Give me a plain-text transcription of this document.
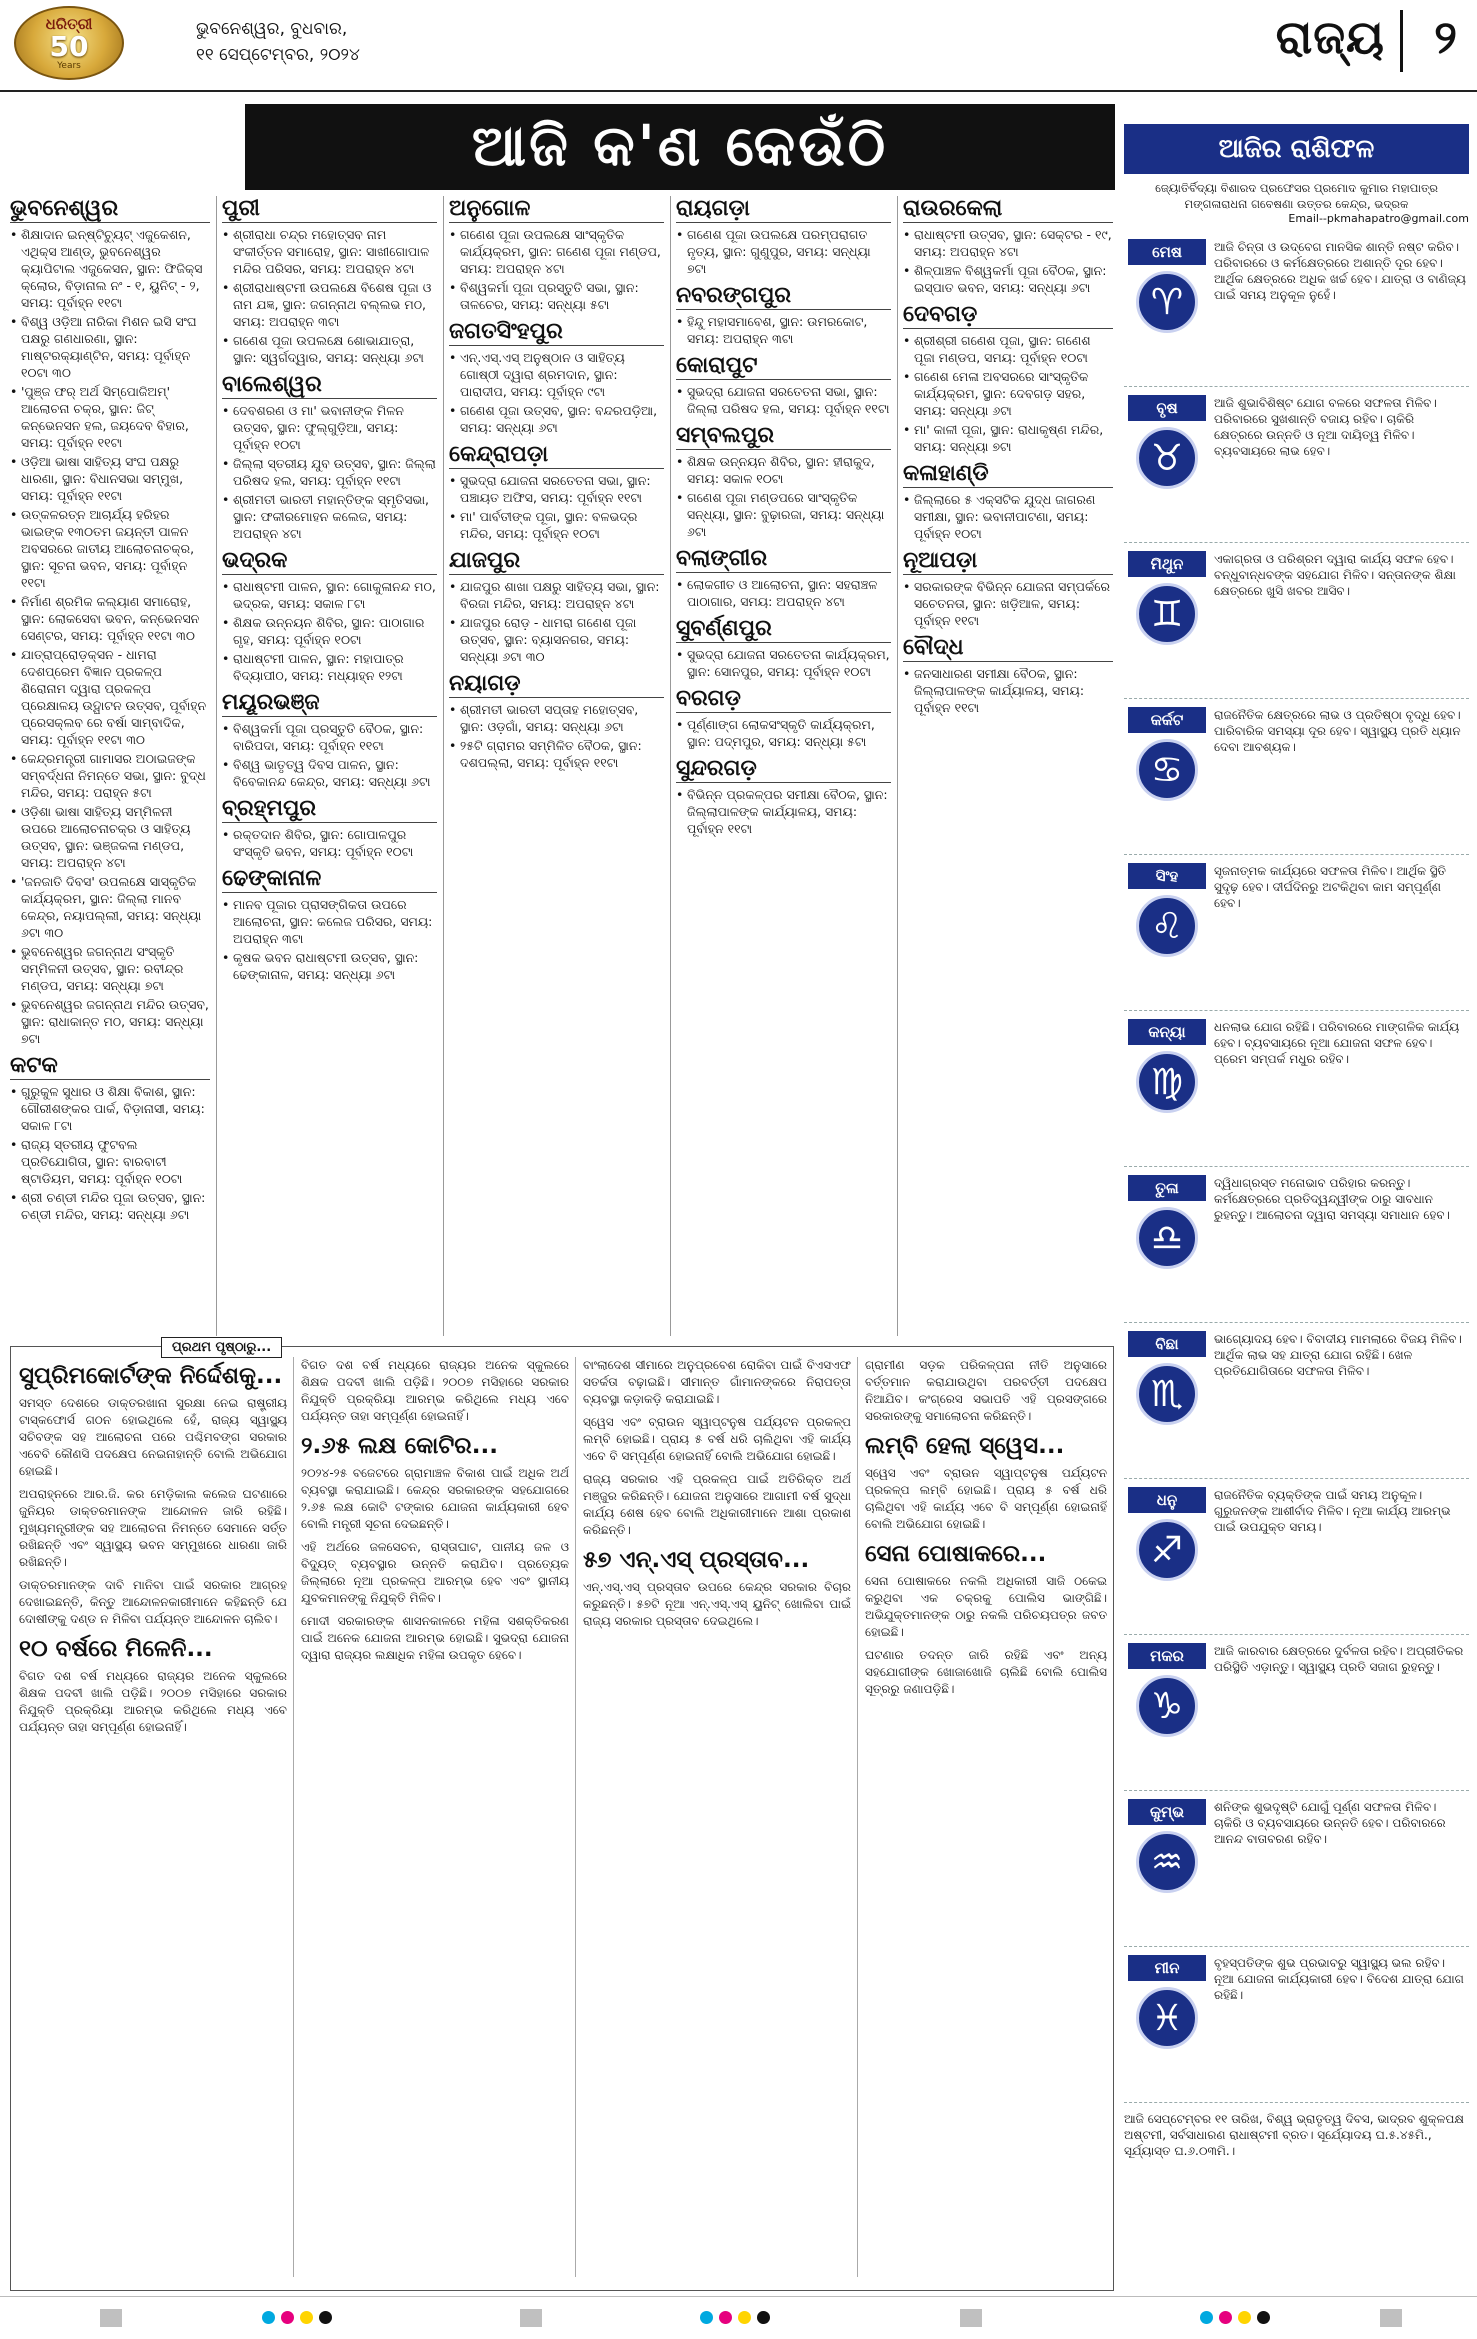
ଧରିତ୍ରୀ
50
Years
ଭୁବନେଶ୍ୱର, ବୁଧବାର,
୧୧ ସେପ୍ଟେମ୍ବର, ୨୦୨୪	ରାଜ୍ୟ ୨
ଆଜି କ'ଣ କେଉଁଠି
ଭୁବନେଶ୍ୱର
• ଶିକ୍ଷାଦାନ ଇନ୍ଷ୍ଟିଚ୍ୟୁଟ୍ ଏଜୁକେଶନ, ଏଥିକ୍ସ ଆଣ୍ଡ୍, ଭୁବନେଶ୍ୱର କ୍ୟାପିଟାଲ ଏଜୁକେସନ, ସ୍ଥାନ: ଫିଜିକ୍ସ କ୍ଲୋର, ବିଡ଼ାନାଲ ନଂ - ୧, ୟୁନିଟ୍ - ୨, ସମୟ: ପୂର୍ବାହ୍ନ ୧୧ଟା
• ବିଶ୍ୱ ଓଡ଼ିଆ ନାରିକା ମିଶନ ଇସି ସଂଘ ପକ୍ଷରୁ ଗଣଧାରଣା, ସ୍ଥାନ: ମାଷ୍ଟରକ୍ୟାଣ୍ଟିନ, ସମୟ: ପୂର୍ବାହ୍ନ ୧୦ଟା ୩୦
• 'ପୁଞ୍ଜ ଫର୍ ଅର୍ଥ ସିମ୍ପୋଜିଅମ୍' ଆଲୋଚନା ଚକ୍ର, ସ୍ଥାନ: ଜିଟ୍ କନ୍ଭେନସନ ହଲ, ଜୟଦେବ ବିହାର, ସମୟ: ପୂର୍ବାହ୍ନ ୧୧ଟା
• ଓଡ଼ିଆ ଭାଷା ସାହିତ୍ୟ ସଂଘ ପକ୍ଷରୁ ଧାରଣା, ସ୍ଥାନ: ବିଧାନସଭା ସମ୍ମୁଖ, ସମୟ: ପୂର୍ବାହ୍ନ ୧୧ଟା
• ଉତ୍କଳରତ୍ନ ଆଚାର୍ଯ୍ୟ ହରିହର ଭାଇଙ୍କ ୧୩୦ତମ ଜୟନ୍ତୀ ପାଳନ ଅବସରରେ ଜାତୀୟ ଆଲୋଚନାଚକ୍ର, ସ୍ଥାନ: ସୂଚନା ଭବନ, ସମୟ: ପୂର୍ବାହ୍ନ ୧୧ଟା
• ନିର୍ମାଣ ଶ୍ରମିକ କଲ୍ୟାଣ ସମାରୋହ, ସ୍ଥାନ: ଲୋକସେବା ଭବନ, କନ୍ଭେନସନ ସେଣ୍ଟର, ସମୟ: ପୂର୍ବାହ୍ନ ୧୧ଟା ୩୦
• ଯାତ୍ରାପ୍ରୋଡ଼କ୍ସନ - ଧାମରା ଦେଶପ୍ରେମ ବିଜ୍ଞାନ ପ୍ରକଳ୍ପ ଶିରୋନାମ ଦ୍ୱାରା ପ୍ରକଳ୍ପ ପ୍ରେକ୍ଷାଳୟ ଉଦ୍ଘାଟନ ଉତ୍ସବ, ପୂର୍ବାହ୍ନ ପ୍ରେସକ୍ଲବ ରେ ବର୍ଷା ସାମ୍ବାଦିକ, ସମୟ: ପୂର୍ବାହ୍ନ ୧୧ଟା ୩୦
• କେନ୍ଦ୍ରମନ୍ତ୍ରୀ ଗାମାସର ଅଠାଇଜଙ୍କ ସମ୍ବର୍ଦ୍ଧନା ନିମନ୍ତେ ସଭା, ସ୍ଥାନ: ବୁଦ୍ଧ ମନ୍ଦିର, ସମୟ: ପରାହ୍ନ ୫ଟା
• ଓଡ଼ିଶା ଭାଷା ସାହିତ୍ୟ ସମ୍ମିଳନୀ ଉପରେ ଆଲୋଚନାଚକ୍ର ଓ ସାହିତ୍ୟ ଉତ୍ସବ, ସ୍ଥାନ: ଭଞ୍ଜକଳା ମଣ୍ଡପ, ସମୟ: ଅପରାହ୍ନ ୪ଟା
• 'ଜନଜାତି ଦିବସ' ଉପଲକ୍ଷେ ସାସ୍କୃତିକ କାର୍ଯ୍ୟକ୍ରମ, ସ୍ଥାନ: ଜିଲ୍ଲା ମାନବ କେନ୍ଦ୍ର, ନୟାପଲ୍ଲୀ, ସମୟ: ସନ୍ଧ୍ୟା ୬ଟା ୩୦
• ଭୁବନେଶ୍ୱର ଜଗନ୍ନାଥ ସଂସ୍କୃତି ସମ୍ମିଳନୀ ଉତ୍ସବ, ସ୍ଥାନ: ରବୀନ୍ଦ୍ର ମଣ୍ଡପ, ସମୟ: ସନ୍ଧ୍ୟା ୭ଟା
• ଭୁବନେଶ୍ୱର ଜଗନ୍ନାଥ ମନ୍ଦିର ଉତ୍ସବ, ସ୍ଥାନ: ରାଧାକାନ୍ତ ମଠ, ସମୟ: ସନ୍ଧ୍ୟା ୭ଟା
କଟକ
• ଗୁରୁକୁଳ ସୁଧାର ଓ ଶିକ୍ଷା ବିକାଶ, ସ୍ଥାନ: ଗୌରୀଶଙ୍କର ପାର୍କ, ବିଡ଼ାନାସୀ, ସମୟ: ସକାଳ ୮ଟା
• ରାଜ୍ୟ ସ୍ତରୀୟ ଫୁଟବଲ ପ୍ରତିଯୋଗିତା, ସ୍ଥାନ: ବାରବାଟୀ ଷ୍ଟାଡିୟମ, ସମୟ: ପୂର୍ବାହ୍ନ ୧୦ଟା
• ଶ୍ରୀ ଚଣ୍ଡୀ ମନ୍ଦିର ପୂଜା ଉତ୍ସବ, ସ୍ଥାନ: ଚଣ୍ଡୀ ମନ୍ଦିର, ସମୟ: ସନ୍ଧ୍ୟା ୬ଟା
ପୁରୀ
• ଶ୍ରୀରାଧା ଚନ୍ଦ୍ର ମହୋତ୍ସବ ନାମ ସଂକୀର୍ତ୍ତନ ସମାରୋହ, ସ୍ଥାନ: ସାଖୀଗୋପାଳ ମନ୍ଦିର ପରିସର, ସମୟ: ଅପରାହ୍ନ ୪ଟା
• ଶ୍ରୀରାଧାଷ୍ଟମୀ ଉପଲକ୍ଷେ ବିଶେଷ ପୂଜା ଓ ନାମ ଯଜ୍ଞ, ସ୍ଥାନ: ଜଗନ୍ନାଥ ବଲ୍ଲଭ ମଠ, ସମୟ: ଅପରାହ୍ନ ୩ଟା
• ଗଣେଶ ପୂଜା ଉପଲକ୍ଷେ ଶୋଭାଯାତ୍ରା, ସ୍ଥାନ: ସ୍ୱର୍ଗଦ୍ୱାର, ସମୟ: ସନ୍ଧ୍ୟା ୬ଟା
ବାଲେଶ୍ୱର
• ଦେବଶରଣ ଓ ମା' ଭବାନୀଙ୍କ ମିଳନ ଉତ୍ସବ, ସ୍ଥାନ: ଫୁଲ୍ଗୁଡ଼ିଆ, ସମୟ: ପୂର୍ବାହ୍ନ ୧୦ଟା
• ଜିଲ୍ଲା ସ୍ତରୀୟ ଯୁବ ଉତ୍ସବ, ସ୍ଥାନ: ଜିଲ୍ଲା ପରିଷଦ ହଲ, ସମୟ: ପୂର୍ବାହ୍ନ ୧୧ଟା
• ଶ୍ରୀମତୀ ଭାରତୀ ମହାନ୍ତିଙ୍କ ସ୍ମୃତିସଭା, ସ୍ଥାନ: ଫକୀରମୋହନ କଲେଜ, ସମୟ: ଅପରାହ୍ନ ୪ଟା
ଭଦ୍ରକ
• ରାଧାଷ୍ଟମୀ ପାଳନ, ସ୍ଥାନ: ଗୋକୁଳାନନ୍ଦ ମଠ, ଭଦ୍ରକ, ସମୟ: ସକାଳ ୮ଟା
• ଶିକ୍ଷକ ଉନ୍ନୟନ ଶିବିର, ସ୍ଥାନ: ପାଠାଗାର ଗୃହ, ସମୟ: ପୂର୍ବାହ୍ନ ୧୦ଟା
• ରାଧାଷ୍ଟମୀ ପାଳନ, ସ୍ଥାନ: ମହାପାତ୍ର ବିଦ୍ୟାପୀଠ, ସମୟ: ମଧ୍ୟାହ୍ନ ୧୨ଟା
ମୟୂରଭଞ୍ଜ
• ବିଶ୍ୱକର୍ମା ପୂଜା ପ୍ରସ୍ତୁତି ବୈଠକ, ସ୍ଥାନ: ବାରିପଦା, ସମୟ: ପୂର୍ବାହ୍ନ ୧୧ଟା
• ବିଶ୍ୱ ଭାତୃତ୍ୱ ଦିବସ ପାଳନ, ସ୍ଥାନ: ବିବେକାନନ୍ଦ କେନ୍ଦ୍ର, ସମୟ: ସନ୍ଧ୍ୟା ୬ଟା
ବ୍ରହ୍ମପୁର
• ରକ୍ତଦାନ ଶିବିର, ସ୍ଥାନ: ଗୋପାଳପୁର ସଂସ୍କୃତି ଭବନ, ସମୟ: ପୂର୍ବାହ୍ନ ୧୦ଟା
ଢେଙ୍କାନାଳ
• ମାନବ ପୂଜାର ପ୍ରାସଙ୍ଗିକତା ଉପରେ ଆଲୋଚନା, ସ୍ଥାନ: କଲେଜ ପରିସର, ସମୟ: ଅପରାହ୍ନ ୩ଟା
• କୃଷକ ଭବନ ରାଧାଷ୍ଟମୀ ଉତ୍ସବ, ସ୍ଥାନ: ଢେଙ୍କାନାଳ, ସମୟ: ସନ୍ଧ୍ୟା ୬ଟା
ଅନୁଗୋଳ
• ଗଣେଶ ପୂଜା ଉପଲକ୍ଷେ ସାଂସ୍କୃତିକ କାର୍ଯ୍ୟକ୍ରମ, ସ୍ଥାନ: ଗଣେଶ ପୂଜା ମଣ୍ଡପ, ସମୟ: ଅପରାହ୍ନ ୪ଟା
• ବିଶ୍ୱକର୍ମା ପୂଜା ପ୍ରସ୍ତୁତି ସଭା, ସ୍ଥାନ: ତାଳଚେର, ସମୟ: ସନ୍ଧ୍ୟା ୫ଟା
ଜଗତସିଂହପୁର
• ଏନ୍.ଏସ୍.ଏସ୍ ଅନୁଷ୍ଠାନ ଓ ସାହିତ୍ୟ ଗୋଷ୍ଠୀ ଦ୍ୱାରା ଶ୍ରମଦାନ, ସ୍ଥାନ: ପାରାଦୀପ, ସମୟ: ପୂର୍ବାହ୍ନ ୯ଟା
• ଗଣେଶ ପୂଜା ଉତ୍ସବ, ସ୍ଥାନ: ବନ୍ଦରପଡ଼ିଆ, ସମୟ: ସନ୍ଧ୍ୟା ୬ଟା
କେନ୍ଦ୍ରାପଡ଼ା
• ସୁଭଦ୍ରା ଯୋଜନା ସରତେତନା ସଭା, ସ୍ଥାନ: ପଞ୍ଚାୟତ ଅଫିସ, ସମୟ: ପୂର୍ବାହ୍ନ ୧୧ଟା
• ମା' ପାର୍ବତୀଙ୍କ ପୂଜା, ସ୍ଥାନ: ବଳଭଦ୍ର ମନ୍ଦିର, ସମୟ: ପୂର୍ବାହ୍ନ ୧୦ଟା
ଯାଜପୁର
• ଯାଜପୁର ଶାଖା ପକ୍ଷରୁ ସାହିତ୍ୟ ସଭା, ସ୍ଥାନ: ବିରଜା ମନ୍ଦିର, ସମୟ: ଅପରାହ୍ନ ୪ଟା
• ଯାଜପୁର ରୋଡ଼ - ଧାମରା ଗଣେଶ ପୂଜା ଉତ୍ସବ, ସ୍ଥାନ: ବ୍ୟାସନଗର, ସମୟ: ସନ୍ଧ୍ୟା ୬ଟା ୩୦
ନୟାଗଡ଼
• ଶ୍ରୀମତୀ ଭାରତୀ ସପ୍ତାହ ମହୋତ୍ସବ, ସ୍ଥାନ: ଓଡ଼ଗାଁ, ସମୟ: ସନ୍ଧ୍ୟା ୬ଟା
• ୨୫ଟି ଗ୍ରାମର ସମ୍ମିଳିତ ବୈଠକ, ସ୍ଥାନ: ଦଶପଲ୍ଲା, ସମୟ: ପୂର୍ବାହ୍ନ ୧୧ଟା
ରାୟଗଡ଼ା
• ଗଣେଶ ପୂଜା ଉପଲକ୍ଷେ ପରମ୍ପରାଗତ ନୃତ୍ୟ, ସ୍ଥାନ: ଗୁଣୁପୁର, ସମୟ: ସନ୍ଧ୍ୟା ୭ଟା
ନବରଙ୍ଗପୁର
• ହିନ୍ଦୁ ମହାସମାବେଶ, ସ୍ଥାନ: ଉମରକୋଟ, ସମୟ: ଅପରାହ୍ନ ୩ଟା
କୋରାପୁଟ
• ସୁଭଦ୍ରା ଯୋଜନା ସରତେତନା ସଭା, ସ୍ଥାନ: ଜିଲ୍ଲା ପରିଷଦ ହଲ, ସମୟ: ପୂର୍ବାହ୍ନ ୧୧ଟା
ସମ୍ବଲପୁର
• ଶିକ୍ଷକ ଉନ୍ନୟନ ଶିବିର, ସ୍ଥାନ: ହୀରାକୁଦ, ସମୟ: ସକାଳ ୧୦ଟା
• ଗଣେଶ ପୂଜା ମଣ୍ଡପରେ ସାଂସ୍କୃତିକ ସନ୍ଧ୍ୟା, ସ୍ଥାନ: ବୁଢ଼ାରଜା, ସମୟ: ସନ୍ଧ୍ୟା ୬ଟା
ବଲାଙ୍ଗୀର
• ଲୋକଗୀତ ଓ ଆଲୋଚନା, ସ୍ଥାନ: ସହରାଞ୍ଚଳ ପାଠାଗାର, ସମୟ: ଅପରାହ୍ନ ୪ଟା
ସୁବର୍ଣ୍ଣପୁର
• ସୁଭଦ୍ରା ଯୋଜନା ସରତେତନା କାର୍ଯ୍ୟକ୍ରମ, ସ୍ଥାନ: ସୋନପୁର, ସମୟ: ପୂର୍ବାହ୍ନ ୧୦ଟା
ବରଗଡ଼
• ପୂର୍ଣ୍ଣାଙ୍ଗ ଲୋକସଂସ୍କୃତି କାର୍ଯ୍ୟକ୍ରମ, ସ୍ଥାନ: ପଦ୍ମପୁର, ସମୟ: ସନ୍ଧ୍ୟା ୫ଟା
ସୁନ୍ଦରଗଡ଼
• ବିଭିନ୍ନ ପ୍ରକଳ୍ପର ସମୀକ୍ଷା ବୈଠକ, ସ୍ଥାନ: ଜିଲ୍ଲାପାଳଙ୍କ କାର୍ଯ୍ୟାଳୟ, ସମୟ: ପୂର୍ବାହ୍ନ ୧୧ଟା
ରାଉରକେଲା
• ରାଧାଷ୍ଟମୀ ଉତ୍ସବ, ସ୍ଥାନ: ସେକ୍ଟର - ୧୯, ସମୟ: ଅପରାହ୍ନ ୪ଟା
• ଶିଳ୍ପାଞ୍ଚଳ ବିଶ୍ୱକର୍ମା ପୂଜା ବୈଠକ, ସ୍ଥାନ: ଇସ୍ପାତ ଭବନ, ସମୟ: ସନ୍ଧ୍ୟା ୬ଟା
ଦେବଗଡ଼
• ଶ୍ରୀଶ୍ରୀ ଗଣେଶ ପୂଜା, ସ୍ଥାନ: ଗଣେଶ ପୂଜା ମଣ୍ଡପ, ସମୟ: ପୂର୍ବାହ୍ନ ୧୦ଟା
• ଗଣେଶ ମେଳା ଅବସରରେ ସାଂସ୍କୃତିକ କାର୍ଯ୍ୟକ୍ରମ, ସ୍ଥାନ: ଦେବଗଡ଼ ସହର, ସମୟ: ସନ୍ଧ୍ୟା ୬ଟା
• ମା' କାଳୀ ପୂଜା, ସ୍ଥାନ: ରାଧାକୃଷ୍ଣ ମନ୍ଦିର, ସମୟ: ସନ୍ଧ୍ୟା ୭ଟା
କଳାହାଣ୍ଡି
• ଜିଲ୍ଲାରେ ୫ ଏକ୍ସଟିକ ଯୁଦ୍ଧ ଜାଗରଣ ସମୀକ୍ଷା, ସ୍ଥାନ: ଭବାନୀପାଟଣା, ସମୟ: ପୂର୍ବାହ୍ନ ୧୦ଟା
ନୂଆପଡ଼ା
• ସରକାରଙ୍କ ବିଭିନ୍ନ ଯୋଜନା ସମ୍ପର୍କରେ ସଚେତନତା, ସ୍ଥାନ: ଖଡ଼ିଆଳ, ସମୟ: ପୂର୍ବାହ୍ନ ୧୧ଟା
ବୌଦ୍ଧ
• ଜନସାଧାରଣ ସମୀକ୍ଷା ବୈଠକ, ସ୍ଥାନ: ଜିଲ୍ଲାପାଳଙ୍କ କାର୍ଯ୍ୟାଳୟ, ସମୟ: ପୂର୍ବାହ୍ନ ୧୧ଟା
ଆଜିର ରାଶିଫଳ
ଜ୍ୟୋତିର୍ବିଦ୍ୟା ବିଶାରଦ ପ୍ରଫେସର ପ୍ରମୋଦ କୁମାର ମହାପାତ୍ର
ମଙ୍ଗଳାରାଧନା ଗବେଷଣା ଉତ୍ତର କେନ୍ଦ୍ର, ଭଦ୍ରକ
Email--pkmahapatro@gmail.com
ମେଷ
♈
ଆଜି ଚିନ୍ତା ଓ ଉଦ୍ବେଗ ମାନସିକ ଶାନ୍ତି ନଷ୍ଟ କରିବ। ପରିବାରରେ ଓ କର୍ମକ୍ଷେତ୍ରରେ ଅଶାନ୍ତି ଦୂର ହେବ। ଆର୍ଥିକ କ୍ଷେତ୍ରରେ ଅଧିକ ଖର୍ଚ୍ଚ ହେବ। ଯାତ୍ରା ଓ ବାଣିଜ୍ୟ ପାଇଁ ସମୟ ଅନୁକୂଳ ନୁହେଁ।
ବୃଷ
♉
ଆଜି ଶୁଭାବିଶିଷ୍ଟ ଯୋଗ ବଳରେ ସଫଳତା ମିଳିବ। ପରିବାରରେ ସୁଖଶାନ୍ତି ବଜାୟ ରହିବ। ଚାକିରି କ୍ଷେତ୍ରରେ ଉନ୍ନତି ଓ ନୂଆ ଦାୟିତ୍ୱ ମିଳିବ। ବ୍ୟବସାୟରେ ଲାଭ ହେବ।
ମିଥୁନ
♊
ଏକାଗ୍ରତା ଓ ପରିଶ୍ରମ ଦ୍ୱାରା କାର୍ଯ୍ୟ ସଫଳ ହେବ। ବନ୍ଧୁବାନ୍ଧବଙ୍କ ସହଯୋଗ ମିଳିବ। ସନ୍ତାନଙ୍କ ଶିକ୍ଷା କ୍ଷେତ୍ରରେ ଖୁସି ଖବର ଆସିବ।
କର୍କଟ
♋
ରାଜନୈତିକ କ୍ଷେତ୍ରରେ ଲାଭ ଓ ପ୍ରତିଷ୍ଠା ବୃଦ୍ଧି ହେବ। ପାରିବାରିକ ସମସ୍ୟା ଦୂର ହେବ। ସ୍ୱାସ୍ଥ୍ୟ ପ୍ରତି ଧ୍ୟାନ ଦେବା ଆବଶ୍ୟକ।
ସିଂହ
♌
ସୃଜନାତ୍ମକ କାର୍ଯ୍ୟରେ ସଫଳତା ମିଳିବ। ଆର୍ଥିକ ସ୍ଥିତି ସୁଦୃଢ଼ ହେବ। ଦୀର୍ଘଦିନରୁ ଅଟକିଥିବା କାମ ସମ୍ପୂର୍ଣ୍ଣ ହେବ।
କନ୍ୟା
♍
ଧନଲାଭ ଯୋଗ ରହିଛି। ପରିବାରରେ ମାଙ୍ଗଳିକ କାର୍ଯ୍ୟ ହେବ। ବ୍ୟବସାୟରେ ନୂଆ ଯୋଜନା ସଫଳ ହେବ। ପ୍ରେମ ସମ୍ପର୍କ ମଧୁର ରହିବ।
ତୁଳା
♎
ଦ୍ୱିଧାଗ୍ରସ୍ତ ମନୋଭାବ ପରିହାର କରନ୍ତୁ। କର୍ମକ୍ଷେତ୍ରରେ ପ୍ରତିଦ୍ୱନ୍ଦ୍ୱୀଙ୍କ ଠାରୁ ସାବଧାନ ରୁହନ୍ତୁ। ଆଲୋଚନା ଦ୍ୱାରା ସମସ୍ୟା ସମାଧାନ ହେବ।
ବିଛା
♏
ଭାଗ୍ୟୋଦୟ ହେବ। ବିବାଦୀୟ ମାମଲାରେ ବିଜୟ ମିଳିବ। ଆର୍ଥିକ ଲାଭ ସହ ଯାତ୍ରା ଯୋଗ ରହିଛି। ଖେଳ ପ୍ରତିଯୋଗିତାରେ ସଫଳତା ମିଳିବ।
ଧନୁ
♐
ରାଜନୈତିକ ବ୍ୟକ୍ତିଙ୍କ ପାଇଁ ସମୟ ଅନୁକୂଳ। ଗୁରୁଜନଙ୍କ ଆଶୀର୍ବାଦ ମିଳିବ। ନୂଆ କାର୍ଯ୍ୟ ଆରମ୍ଭ ପାଇଁ ଉପଯୁକ୍ତ ସମୟ।
ମକର
♑
ଆଜି କାରବାର କ୍ଷେତ୍ରରେ ଦୁର୍ବଳତା ରହିବ। ଅପ୍ରୀତିକର ପରିସ୍ଥିତି ଏଡ଼ାନ୍ତୁ। ସ୍ୱାସ୍ଥ୍ୟ ପ୍ରତି ସଜାଗ ରୁହନ୍ତୁ।
କୁମ୍ଭ
♒
ଶନିଙ୍କ ଶୁଭଦୃଷ୍ଟି ଯୋଗୁଁ ପୂର୍ଣ୍ଣ ସଫଳତା ମିଳିବ। ଚାକିରି ଓ ବ୍ୟବସାୟରେ ଉନ୍ନତି ହେବ। ପରିବାରରେ ଆନନ୍ଦ ବାତାବରଣ ରହିବ।
ମୀନ
♓
ବୃହସ୍ପତିଙ୍କ ଶୁଭ ପ୍ରଭାବରୁ ସ୍ୱାସ୍ଥ୍ୟ ଭଲ ରହିବ। ନୂଆ ଯୋଜନା କାର୍ଯ୍ୟକାରୀ ହେବ। ବିଦେଶ ଯାତ୍ରା ଯୋଗ ରହିଛି।
ଆଜି ସେପ୍ଟେମ୍ବର ୧୧ ତାରିଖ, ବିଶ୍ୱ ଭ୍ରାତୃତ୍ୱ ଦିବସ, ଭାଦ୍ରବ ଶୁକ୍ଳପକ୍ଷ ଅଷ୍ଟମୀ, ସର୍ବସାଧାରଣ ରାଧାଷ୍ଟମୀ ବ୍ରତ। ସୂର୍ଯ୍ୟୋଦୟ ଘ.୫.୪୫ମି., ସୂର୍ଯ୍ୟାସ୍ତ ଘ.୬.୦୩ମି.।
ପ୍ରଥମ ପୃଷ୍ଠାରୁ...
ସୁପ୍ରିମକୋର୍ଟଙ୍କ ନିର୍ଦ୍ଦେଶକୁ...

ସମସ୍ତ ଦେଶରେ ଡାକ୍ତରଖାନା ସୁରକ୍ଷା ନେଇ ରାଷ୍ଟ୍ରୀୟ ଟାସ୍କଫୋର୍ସ ଗଠନ ହୋଇଥିଲେ ହେଁ, ରାଜ୍ୟ ସ୍ୱାସ୍ଥ୍ୟ ସଚିବଙ୍କ ସହ ଆଲୋଚନା ପରେ ପଶ୍ଚିମବଙ୍ଗ ସରକାର ଏବେବି କୌଣସି ପଦକ୍ଷେପ ନେଇନାହାନ୍ତି ବୋଲି ଅଭିଯୋଗ ହୋଇଛି।

ଅପରାହ୍ନରେ ଆର.ଜି. କର ମେଡ଼ିକାଲ କଲେଜ ଘଟଣାରେ ଜୁନିୟର ଡାକ୍ତରମାନଙ୍କ ଆନ୍ଦୋଳନ ଜାରି ରହିଛି। ମୁଖ୍ୟମନ୍ତ୍ରୀଙ୍କ ସହ ଆଲୋଚନା ନିମନ୍ତେ ସେମାନେ ସର୍ତ୍ତ ରଖିଛନ୍ତି ଏବଂ ସ୍ୱାସ୍ଥ୍ୟ ଭବନ ସମ୍ମୁଖରେ ଧାରଣା ଜାରି ରଖିଛନ୍ତି।

ଡାକ୍ତରମାନଙ୍କ ଦାବି ମାନିବା ପାଇଁ ସରକାର ଆଗ୍ରହ ଦେଖାଇଛନ୍ତି, କିନ୍ତୁ ଆନ୍ଦୋଳନକାରୀମାନେ କହିଛନ୍ତି ଯେ ଦୋଷୀଙ୍କୁ ଦଣ୍ଡ ନ ମିଳିବା ପର୍ଯ୍ୟନ୍ତ ଆନ୍ଦୋଳନ ଚାଲିବ।

୧୦ ବର୍ଷରେ ମିଳେନି...

ବିଗତ ଦଶ ବର୍ଷ ମଧ୍ୟରେ ରାଜ୍ୟର ଅନେକ ସ୍କୁଲରେ ଶିକ୍ଷକ ପଦବୀ ଖାଲି ପଡ଼ିଛି। ୨୦୦୭ ମସିହାରେ ସରକାର ନିଯୁକ୍ତି ପ୍ରକ୍ରିୟା ଆରମ୍ଭ କରିଥିଲେ ମଧ୍ୟ ଏବେ ପର୍ଯ୍ୟନ୍ତ ତାହା ସମ୍ପୂର୍ଣ୍ଣ ହୋଇନାହିଁ।

ବିଗତ ଦଶ ବର୍ଷ ମଧ୍ୟରେ ରାଜ୍ୟର ଅନେକ ସ୍କୁଲରେ ଶିକ୍ଷକ ପଦବୀ ଖାଲି ପଡ଼ିଛି। ୨୦୦୭ ମସିହାରେ ସରକାର ନିଯୁକ୍ତି ପ୍ରକ୍ରିୟା ଆରମ୍ଭ କରିଥିଲେ ମଧ୍ୟ ଏବେ ପର୍ଯ୍ୟନ୍ତ ତାହା ସମ୍ପୂର୍ଣ୍ଣ ହୋଇନାହିଁ।

୨.୬୫ ଲକ୍ଷ କୋଟିର...

୨୦୨୪-୨୫ ବଜେଟରେ ଗ୍ରାମାଞ୍ଚଳ ବିକାଶ ପାଇଁ ଅଧିକ ଅର୍ଥ ବ୍ୟବସ୍ଥା କରାଯାଇଛି। କେନ୍ଦ୍ର ସରକାରଙ୍କ ସହଯୋଗରେ ୨.୬୫ ଲକ୍ଷ କୋଟି ଟଙ୍କାର ଯୋଜନା କାର୍ଯ୍ୟକାରୀ ହେବ ବୋଲି ମନ୍ତ୍ରୀ ସୂଚନା ଦେଇଛନ୍ତି।

ଏହି ଅର୍ଥରେ ଜଳସେଚନ, ରାସ୍ତାଘାଟ, ପାନୀୟ ଜଳ ଓ ବିଦ୍ୟୁତ୍ ବ୍ୟବସ୍ଥାର ଉନ୍ନତି କରାଯିବ। ପ୍ରତ୍ୟେକ ଜିଲ୍ଲାରେ ନୂଆ ପ୍ରକଳ୍ପ ଆରମ୍ଭ ହେବ ଏବଂ ସ୍ଥାନୀୟ ଯୁବକମାନଙ୍କୁ ନିଯୁକ୍ତି ମିଳିବ।

ମୋଦୀ ସରକାରଙ୍କ ଶାସନକାଳରେ ମହିଳା ସଶକ୍ତିକରଣ ପାଇଁ ଅନେକ ଯୋଜନା ଆରମ୍ଭ ହୋଇଛି। ସୁଭଦ୍ରା ଯୋଜନା ଦ୍ୱାରା ରାଜ୍ୟର ଲକ୍ଷାଧିକ ମହିଳା ଉପକୃତ ହେବେ।

ବାଂଲାଦେଶ ସୀମାରେ ଅନୁପ୍ରବେଶ ରୋକିବା ପାଇଁ ବିଏସଏଫ ସତର୍କତା ବଢ଼ାଇଛି। ସୀମାନ୍ତ ଗାଁମାନଙ୍କରେ ନିରାପତ୍ତା ବ୍ୟବସ୍ଥା କଡ଼ାକଡ଼ି କରାଯାଇଛି।

ସ୍ୱେସ ଏବଂ ବ୍ରାଉନ ସ୍ୱାପ୍ଟନୁଷ ପର୍ଯ୍ୟଟନ ପ୍ରକଳ୍ପ ଲମ୍ବି ହୋଇଛି। ପ୍ରାୟ ୫ ବର୍ଷ ଧରି ଚାଲିଥିବା ଏହି କାର୍ଯ୍ୟ ଏବେ ବି ସମ୍ପୂର୍ଣ୍ଣ ହୋଇନାହିଁ ବୋଲି ଅଭିଯୋଗ ହୋଇଛି।

ରାଜ୍ୟ ସରକାର ଏହି ପ୍ରକଳ୍ପ ପାଇଁ ଅତିରିକ୍ତ ଅର୍ଥ ମଞ୍ଜୁର କରିଛନ୍ତି। ଯୋଜନା ଅନୁସାରେ ଆଗାମୀ ବର୍ଷ ସୁଦ୍ଧା କାର୍ଯ୍ୟ ଶେଷ ହେବ ବୋଲି ଅଧିକାରୀମାନେ ଆଶା ପ୍ରକାଶ କରିଛନ୍ତି।

୫୭ ଏନ୍.ଏସ୍ ପ୍ରସ୍ତାବ...

ଏନ୍.ଏସ୍.ଏସ୍ ପ୍ରସ୍ତାବ ଉପରେ କେନ୍ଦ୍ର ସରକାର ବିଚାର କରୁଛନ୍ତି। ୫୭ଟି ନୂଆ ଏନ୍.ଏସ୍.ଏସ୍ ୟୁନିଟ୍ ଖୋଲିବା ପାଇଁ ରାଜ୍ୟ ସରକାର ପ୍ରସ୍ତାବ ଦେଇଥିଲେ।

ଗ୍ରାମୀଣ ସଡ଼କ ପରିକଳ୍ପନା ନୀତି ଅନୁସାରେ ବର୍ତ୍ତମାନ କରାଯାଉଥିବା ପରବର୍ତ୍ତୀ ପଦକ୍ଷେପ ନିଆଯିବ। କଂଗ୍ରେସ ସଭାପତି ଏହି ପ୍ରସଙ୍ଗରେ ସରକାରଙ୍କୁ ସମାଲୋଚନା କରିଛନ୍ତି।

ଲମ୍ବି ହେଲା ସ୍ୱେସ...

ସ୍ୱେସ ଏବଂ ବ୍ରାଉନ ସ୍ୱାପ୍ଟନୁଷ ପର୍ଯ୍ୟଟନ ପ୍ରକଳ୍ପ ଲମ୍ବି ହୋଇଛି। ପ୍ରାୟ ୫ ବର୍ଷ ଧରି ଚାଲିଥିବା ଏହି କାର୍ଯ୍ୟ ଏବେ ବି ସମ୍ପୂର୍ଣ୍ଣ ହୋଇନାହିଁ ବୋଲି ଅଭିଯୋଗ ହୋଇଛି।

ସେନା ପୋଷାକରେ...

ସେନା ପୋଷାକରେ ନକଲି ଅଧିକାରୀ ସାଜି ଠକେଇ କରୁଥିବା ଏକ ଚକ୍ରକୁ ପୋଲିସ ଭାଙ୍ଗିଛି। ଅଭିଯୁକ୍ତମାନଙ୍କ ଠାରୁ ନକଲି ପରିଚୟପତ୍ର ଜବତ ହୋଇଛି।

ଘଟଣାର ତଦନ୍ତ ଜାରି ରହିଛି ଏବଂ ଅନ୍ୟ ସହଯୋଗୀଙ୍କ ଖୋଜାଖୋଜି ଚାଲିଛି ବୋଲି ପୋଲିସ ସୂତ୍ରରୁ ଜଣାପଡ଼ିଛି।
